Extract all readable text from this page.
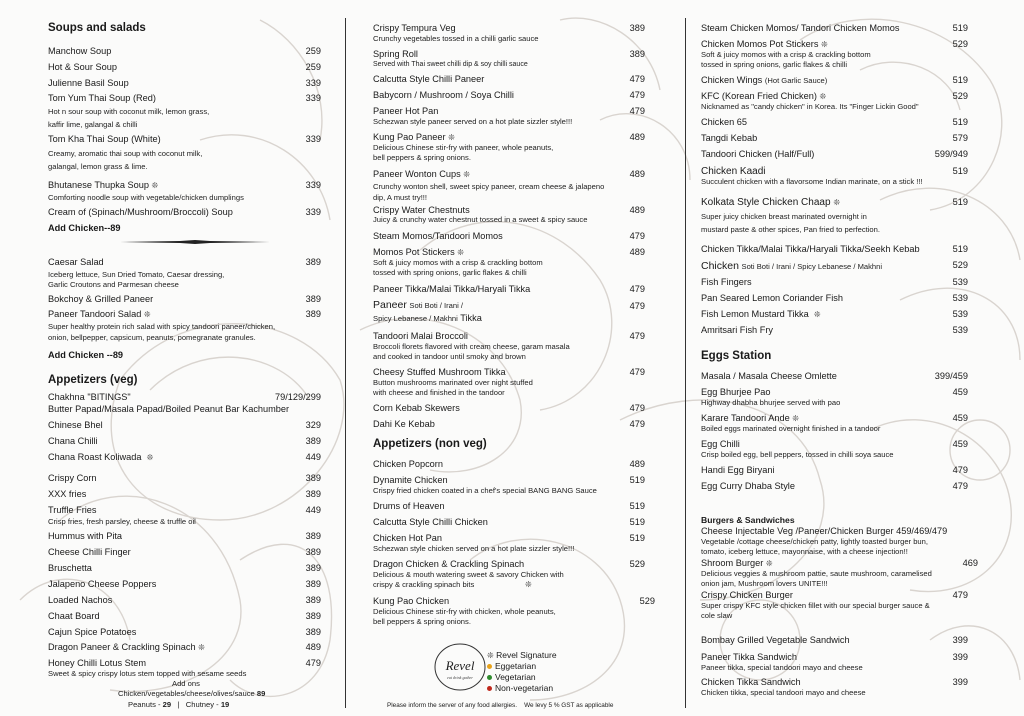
Soups and salads
Manchow Soup	259
Hot & Sour Soup	259
Julienne Basil Soup	339
Tom Yum Thai Soup (Red)	339
Hot n sour soup with coconut milk, lemon grass,
kaffir lime, galangal & chilli
Tom Kha Thai Soup (White)	339
Creamy, aromatic thai soup with coconut milk,
galangal, lemon grass & lime.
Bhutanese Thupka Soup ❊	339
Comforting noodle soup with vegetable/chicken dumplings
Cream of (Spinach/Mushroom/Broccoli) Soup	339
Add Chicken--89
Caesar Salad	389
Iceberg lettuce, Sun Dried Tomato, Caesar dressing,
Garlic Croutons and Parmesan cheese
Bokchoy & Grilled Paneer	389
Paneer Tandoori Salad ❊	389
Super healthy protein rich salad with spicy tandoori paneer/chicken,
onion, bellpepper, capsicum, peanuts, pomegranate granules.
Add Chicken --89
Appetizers (veg)
Chakhna "BITINGS"	79/129/299
Butter Papad/Masala Papad/Boiled Peanut Bar Kachumber
Chinese Bhel	329
Chana Chilli	389
Chana Roast Koliwada ❊	449
Crispy Corn	389
XXX fries	389
Truffle Fries	449
Crisp fries, fresh parsley, cheese & truffle oil
Hummus with Pita	389
Cheese Chilli Finger	389
Bruschetta	389
Jalapeno Cheese Poppers	389
Loaded Nachos	389
Chaat Board	389
Cajun Spice Potatoes	389
Dragon Paneer & Crackling Spinach ❊	489
Honey Chilli Lotus Stem	479
Sweet & spicy crispy lotus stem topped with sesame seeds
Add ons
Chicken/vegetables/cheese/olives/sauce 89
Peanuts - 29 | Chutney - 19
Crispy Tempura Veg	389
Crunchy vegetables tossed in a chilli garlic sauce
Spring Roll	389
Served with Thai sweet chilli dip & soy chilli sauce
Calcutta Style Chilli Paneer	479
Babycorn / Mushroom / Soya Chilli	479
Paneer Hot Pan	479
Schezwan style paneer served on a hot plate sizzler style!!!
Kung Pao Paneer ❊	489
Delicious Chinese stir-fry with paneer, whole peanuts,
bell peppers & spring onions.
Paneer Wonton Cups ❊	489
Crunchy wonton shell, sweet spicy paneer, cream cheese & jalapeno
dip, A must try!!!
Crispy Water Chestnuts	489
Juicy & crunchy water chestnut tossed in a sweet & spicy sauce
Steam Momos/Tandoori Momos	479
Momos Pot Stickers ❊	489
Soft & juicy momos with a crisp & crackling bottom
tossed with spring onions, garlic flakes & chilli
Paneer Tikka/Malai Tikka/Haryali Tikka	479
Paneer Soti Boti / Irani /	479
Spicy Lebanese / Makhni Tikka
Tandoori Malai Broccoli	479
Broccoli florets flavored with cream cheese, garam masala
and cooked in tandoor until smoky and brown
Cheesy Stuffed Mushroom Tikka	479
Button mushrooms marinated over night stuffed
with cheese and finished in the tandoor
Corn Kebab Skewers	479
Dahi Ke Kebab	479
Appetizers (non veg)
Chicken Popcorn	489
Dynamite Chicken	519
Crispy fried chicken coated in a chef's special BANG BANG Sauce
Drums of Heaven	519
Calcutta Style Chilli Chicken	519
Chicken Hot Pan	519
Schezwan style chicken served on a hot plate sizzler style!!!
Dragon Chicken & Crackling Spinach	529
Delicious & mouth watering sweet & savory Chicken with
crispy & crackling spinach bits	❊
Kung Pao Chicken	529
Delicious Chinese stir-fry with chicken, whole peanuts,
bell peppers & spring onions.
Revel
eat drink gather
❊ Revel Signature
Eggetarian
Vegetarian
Non-vegetarian
Please inform the server of any food allergies.    We levy 5 % GST as applicable
Steam Chicken Momos/ Tandori Chicken Momos	519
Chicken Momos Pot Stickers ❊	529
Soft & juicy momos with a crisp & crackling bottom
tossed in spring onions, garlic flakes & chilli
Chicken Wings (Hot Garlic Sauce)	519
KFC (Korean Fried Chicken) ❊	529
Nicknamed as "candy chicken" in Korea. Its "Finger Lickin Good"
Chicken 65	519
Tangdi Kebab	579
Tandoori Chicken (Half/Full)	599/949
Chicken Kaadi	519
Succulent chicken with a flavorsome Indian marinate, on a stick !!!
Kolkata Style Chicken Chaap ❊	519
Super juicy chicken breast marinated overnight in
mustard paste & other spices, Pan fried to perfection.
Chicken Tikka/Malai Tikka/Haryali Tikka/Seekh Kebab	519
Chicken Soti Boti / Irani / Spicy Lebanese / Makhni	529
Fish Fingers	539
Pan Seared Lemon Coriander Fish	539
Fish Lemon Mustard Tikka ❊	539
Amritsari Fish Fry	539
Eggs Station
Masala / Masala Cheese Omlette	399/459
Egg Bhurjee Pao	459
Highway dhabha bhurjee served with pao
Karare Tandoori Ande ❊	459
Boiled eggs marinated overnight finished in a tandoor
Egg Chilli	459
Crisp boiled egg, bell peppers, tossed in chilli soya sauce
Handi Egg Biryani	479
Egg Curry Dhaba Style	479
Burgers & Sandwiches
Cheese Injectable Veg /Paneer/Chicken Burger 459/469/479
Vegetable /cottage cheese/chicken patty, lightly toasted burger bun,
tomato, iceberg lettuce, mayonnaise, with a cheese injection!!
Shroom Burger ❊	469
Delicious veggies & mushroom pattie, saute mushroom, caramelised
onion jam, Mushroom lovers UNITE!!!
Crispy Chicken Burger	479
Super crispy KFC style chicken fillet with our special burger sauce &
cole slaw
Bombay Grilled Vegetable Sandwich	399
Paneer Tikka Sandwich	399
Paneer tikka, special tandoori mayo and cheese
Chicken Tikka Sandwich	399
Chicken tikka, special tandoori mayo and cheese
